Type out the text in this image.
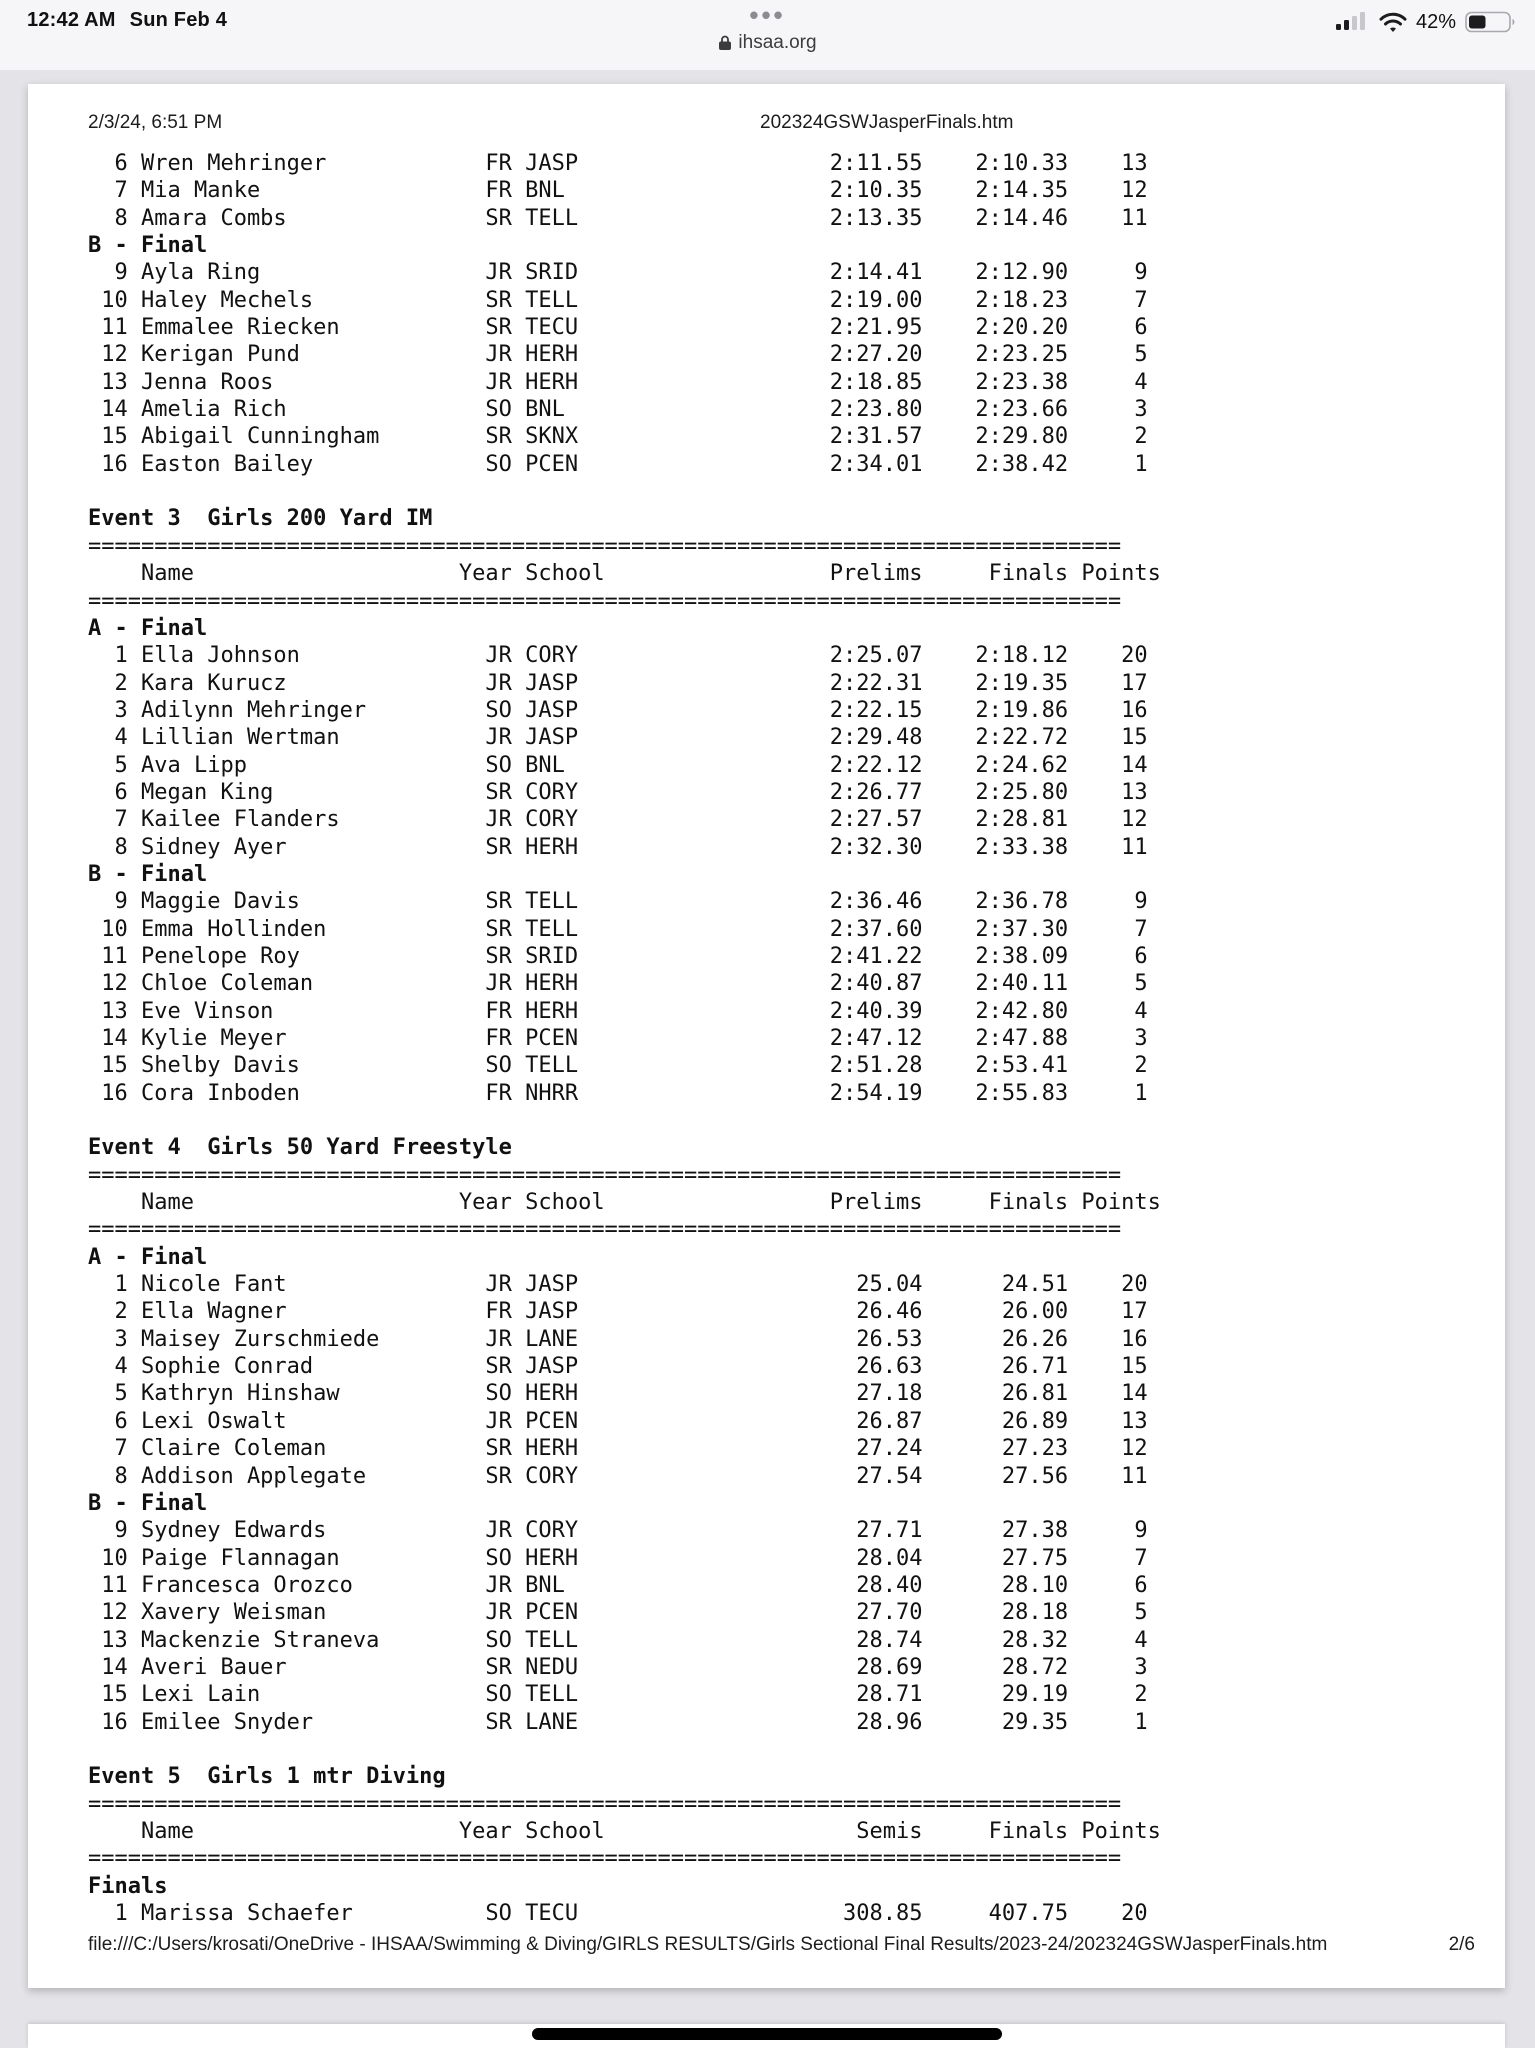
12:42 AM Sun Feb 4	•••
ihsaa.org
42%
2/3/24, 6:51 PM	202324GSWJasperFinals.htm
6 Wren Mehringer            FR JASP                   2:11.55    2:10.33    13
7 Mia Manke                 FR BNL                    2:10.35    2:14.35    12
8 Amara Combs               SR TELL                   2:13.35    2:14.46    11
B - Final
9 Ayla Ring                 JR SRID                   2:14.41    2:12.90     9
10 Haley Mechels             SR TELL                   2:19.00    2:18.23     7
11 Emmalee Riecken           SR TECU                   2:21.95    2:20.20     6
12 Kerigan Pund              JR HERH                   2:27.20    2:23.25     5
13 Jenna Roos                JR HERH                   2:18.85    2:23.38     4
14 Amelia Rich               SO BNL                    2:23.80    2:23.66     3
15 Abigail Cunningham        SR SKNX                   2:31.57    2:29.80     2
16 Easton Bailey             SO PCEN                   2:34.01    2:38.42     1

Event 3  Girls 200 Yard IM
==============================================================================
Name                    Year School                 Prelims     Finals Points
==============================================================================
A - Final
1 Ella Johnson              JR CORY                   2:25.07    2:18.12    20
2 Kara Kurucz               JR JASP                   2:22.31    2:19.35    17
3 Adilynn Mehringer         SO JASP                   2:22.15    2:19.86    16
4 Lillian Wertman           JR JASP                   2:29.48    2:22.72    15
5 Ava Lipp                  SO BNL                    2:22.12    2:24.62    14
6 Megan King                SR CORY                   2:26.77    2:25.80    13
7 Kailee Flanders           JR CORY                   2:27.57    2:28.81    12
8 Sidney Ayer               SR HERH                   2:32.30    2:33.38    11
B - Final
9 Maggie Davis              SR TELL                   2:36.46    2:36.78     9
10 Emma Hollinden            SR TELL                   2:37.60    2:37.30     7
11 Penelope Roy              SR SRID                   2:41.22    2:38.09     6
12 Chloe Coleman             JR HERH                   2:40.87    2:40.11     5
13 Eve Vinson                FR HERH                   2:40.39    2:42.80     4
14 Kylie Meyer               FR PCEN                   2:47.12    2:47.88     3
15 Shelby Davis              SO TELL                   2:51.28    2:53.41     2
16 Cora Inboden              FR NHRR                   2:54.19    2:55.83     1

Event 4  Girls 50 Yard Freestyle
==============================================================================
Name                    Year School                 Prelims     Finals Points
==============================================================================
A - Final
1 Nicole Fant               JR JASP                     25.04      24.51    20
2 Ella Wagner               FR JASP                     26.46      26.00    17
3 Maisey Zurschmiede        JR LANE                     26.53      26.26    16
4 Sophie Conrad             SR JASP                     26.63      26.71    15
5 Kathryn Hinshaw           SO HERH                     27.18      26.81    14
6 Lexi Oswalt               JR PCEN                     26.87      26.89    13
7 Claire Coleman            SR HERH                     27.24      27.23    12
8 Addison Applegate         SR CORY                     27.54      27.56    11
B - Final
9 Sydney Edwards            JR CORY                     27.71      27.38     9
10 Paige Flannagan           SO HERH                     28.04      27.75     7
11 Francesca Orozco          JR BNL                      28.40      28.10     6
12 Xavery Weisman            JR PCEN                     27.70      28.18     5
13 Mackenzie Straneva        SO TELL                     28.74      28.32     4
14 Averi Bauer               SR NEDU                     28.69      28.72     3
15 Lexi Lain                 SO TELL                     28.71      29.19     2
16 Emilee Snyder             SR LANE                     28.96      29.35     1

Event 5  Girls 1 mtr Diving
==============================================================================
Name                    Year School                   Semis     Finals Points
==============================================================================
Finals
1 Marissa Schaefer          SO TECU                    308.85     407.75    20
file:///C:/Users/krosati/OneDrive - IHSAA/Swimming & Diving/GIRLS RESULTS/Girls Sectional Final Results/2023-24/202324GSWJasperFinals.htm	2/6
